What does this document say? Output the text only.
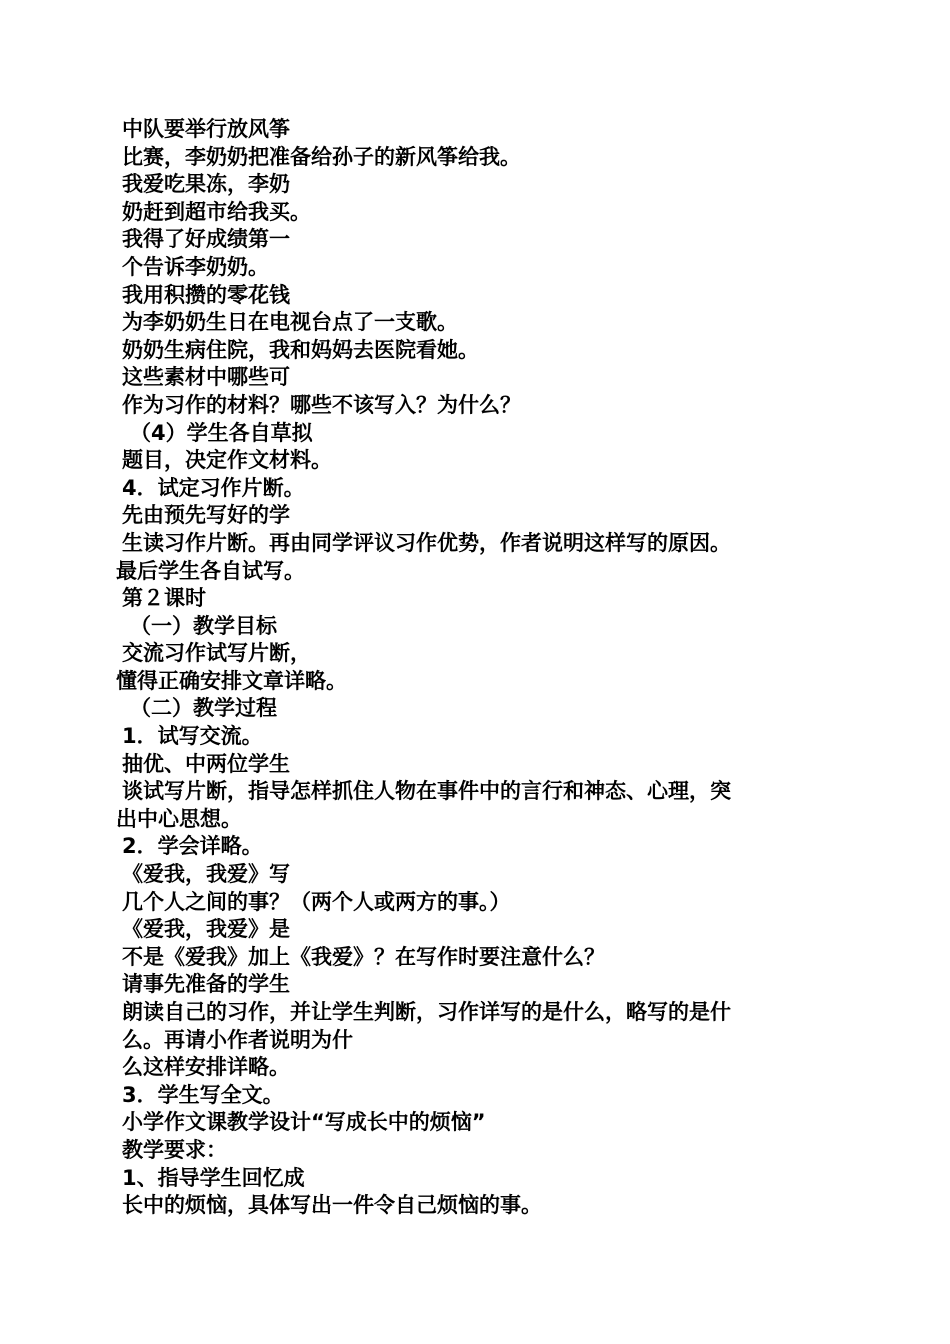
中队要举行放风筝
比赛，李奶奶把准备给孙子的新风筝给我。
我爱吃果冻，李奶
奶赶到超市给我买。
我得了好成绩第一
个告诉李奶奶。
我用积攒的零花钱
为李奶奶生日在电视台点了一支歌。
奶奶生病住院，我和妈妈去医院看她。
这些素材中哪些可
作为习作的材料？哪些不该写入？为什么？
（4）学生各自草拟
题目，决定作文材料。
4．试定习作片断。
先由预先写好的学
生读习作片断。再由同学评议习作优势，作者说明这样写的原因。
最后学生各自试写。
第２课时
（一）教学目标
交流习作试写片断，
懂得正确安排文章详略。
（二）教学过程
1．试写交流。
抽优、中两位学生
谈试写片断，指导怎样抓住人物在事件中的言行和神态、心理，突
出中心思想。
2．学会详略。
《爱我，我爱》写
几个人之间的事？（两个人或两方的事。）
《爱我，我爱》是
不是《爱我》加上《我爱》？在写作时要注意什么？
请事先准备的学生
朗读自己的习作，并让学生判断，习作详写的是什么，略写的是什
么。再请小作者说明为什
么这样安排详略。
3．学生写全文。
小学作文课教学设计“写成长中的烦恼”
教学要求：
1、指导学生回忆成
长中的烦恼，具体写出一件令自己烦恼的事。
